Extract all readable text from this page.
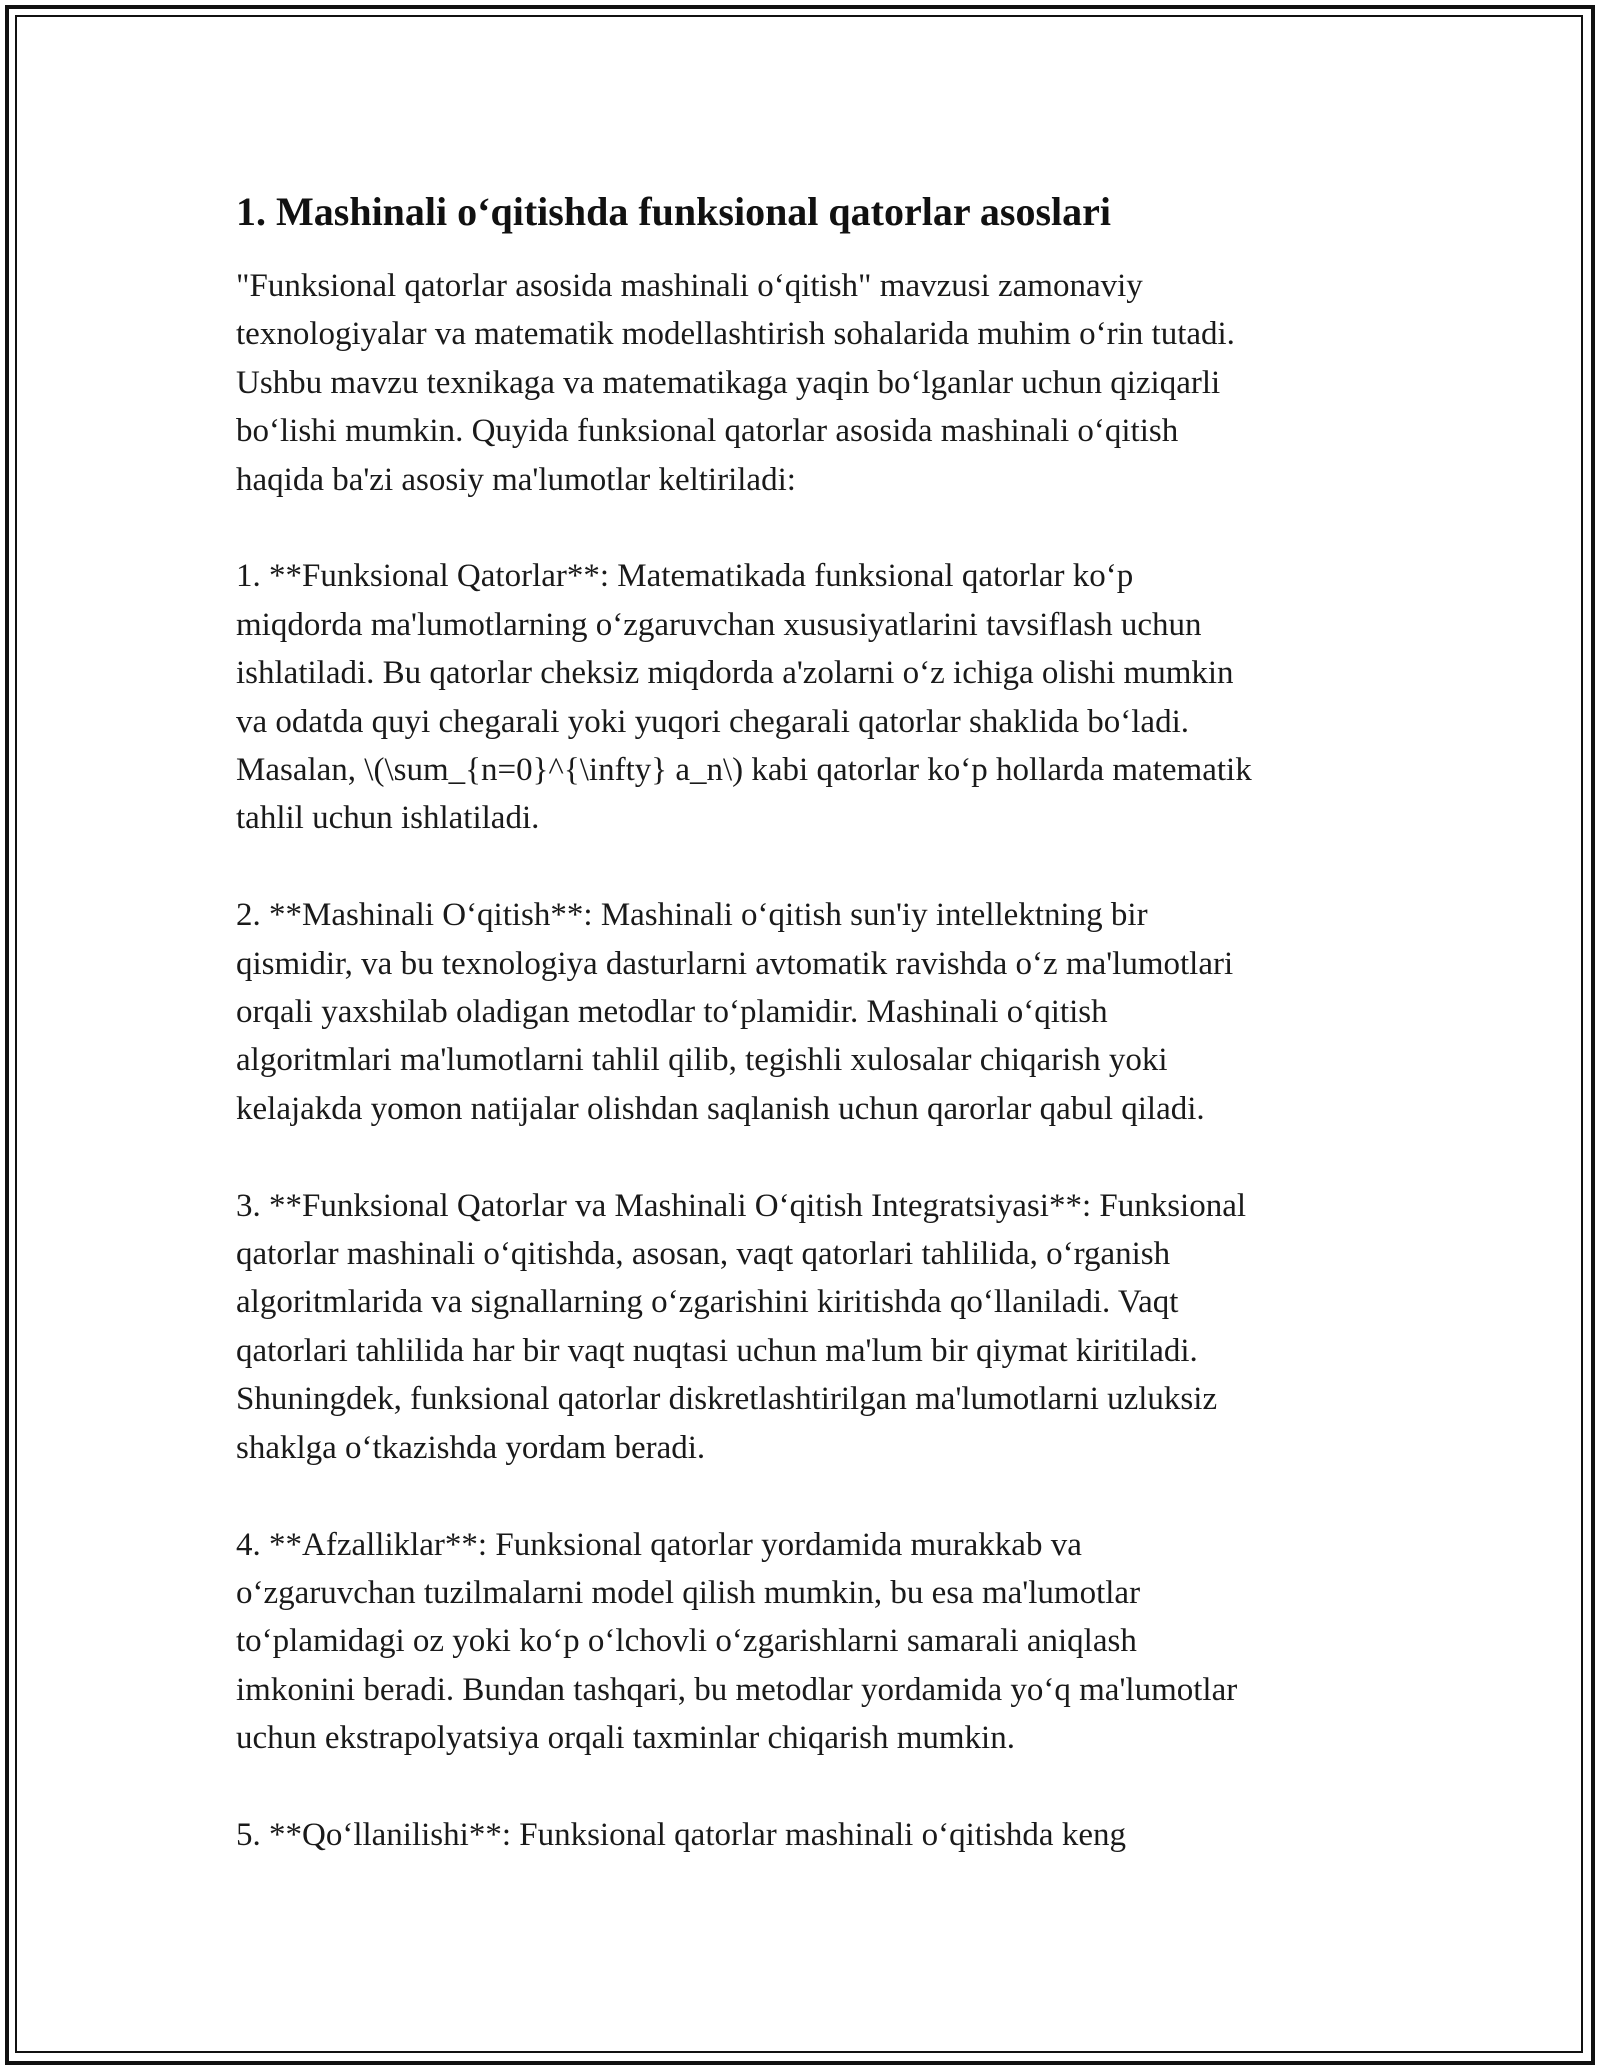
1. Mashinali o‘qitishda funksional qatorlar asoslari

"Funksional qatorlar asosida mashinali o‘qitish" mavzusi zamonaviy
texnologiyalar va matematik modellashtirish sohalarida muhim o‘rin tutadi.
Ushbu mavzu texnikaga va matematikaga yaqin bo‘lganlar uchun qiziqarli
bo‘lishi mumkin. Quyida funksional qatorlar asosida mashinali o‘qitish
haqida ba'zi asosiy ma'lumotlar keltiriladi:

1. **Funksional Qatorlar**: Matematikada funksional qatorlar ko‘p
miqdorda ma'lumotlarning o‘zgaruvchan xususiyatlarini tavsiflash uchun
ishlatiladi. Bu qatorlar cheksiz miqdorda a'zolarni o‘z ichiga olishi mumkin
va odatda quyi chegarali yoki yuqori chegarali qatorlar shaklida bo‘ladi.
Masalan, \(\sum_{n=0}^{\infty} a_n\) kabi qatorlar ko‘p hollarda matematik
tahlil uchun ishlatiladi.

2. **Mashinali O‘qitish**: Mashinali o‘qitish sun'iy intellektning bir
qismidir, va bu texnologiya dasturlarni avtomatik ravishda o‘z ma'lumotlari
orqali yaxshilab oladigan metodlar to‘plamidir. Mashinali o‘qitish
algoritmlari ma'lumotlarni tahlil qilib, tegishli xulosalar chiqarish yoki
kelajakda yomon natijalar olishdan saqlanish uchun qarorlar qabul qiladi.

3. **Funksional Qatorlar va Mashinali O‘qitish Integratsiyasi**: Funksional
qatorlar mashinali o‘qitishda, asosan, vaqt qatorlari tahlilida, o‘rganish
algoritmlarida va signallarning o‘zgarishini kiritishda qo‘llaniladi. Vaqt
qatorlari tahlilida har bir vaqt nuqtasi uchun ma'lum bir qiymat kiritiladi.
Shuningdek, funksional qatorlar diskretlashtirilgan ma'lumotlarni uzluksiz
shaklga o‘tkazishda yordam beradi.

4. **Afzalliklar**: Funksional qatorlar yordamida murakkab va
o‘zgaruvchan tuzilmalarni model qilish mumkin, bu esa ma'lumotlar
to‘plamidagi oz yoki ko‘p o‘lchovli o‘zgarishlarni samarali aniqlash
imkonini beradi. Bundan tashqari, bu metodlar yordamida yo‘q ma'lumotlar
uchun ekstrapolyatsiya orqali taxminlar chiqarish mumkin.

5. **Qo‘llanilishi**: Funksional qatorlar mashinali o‘qitishda keng
